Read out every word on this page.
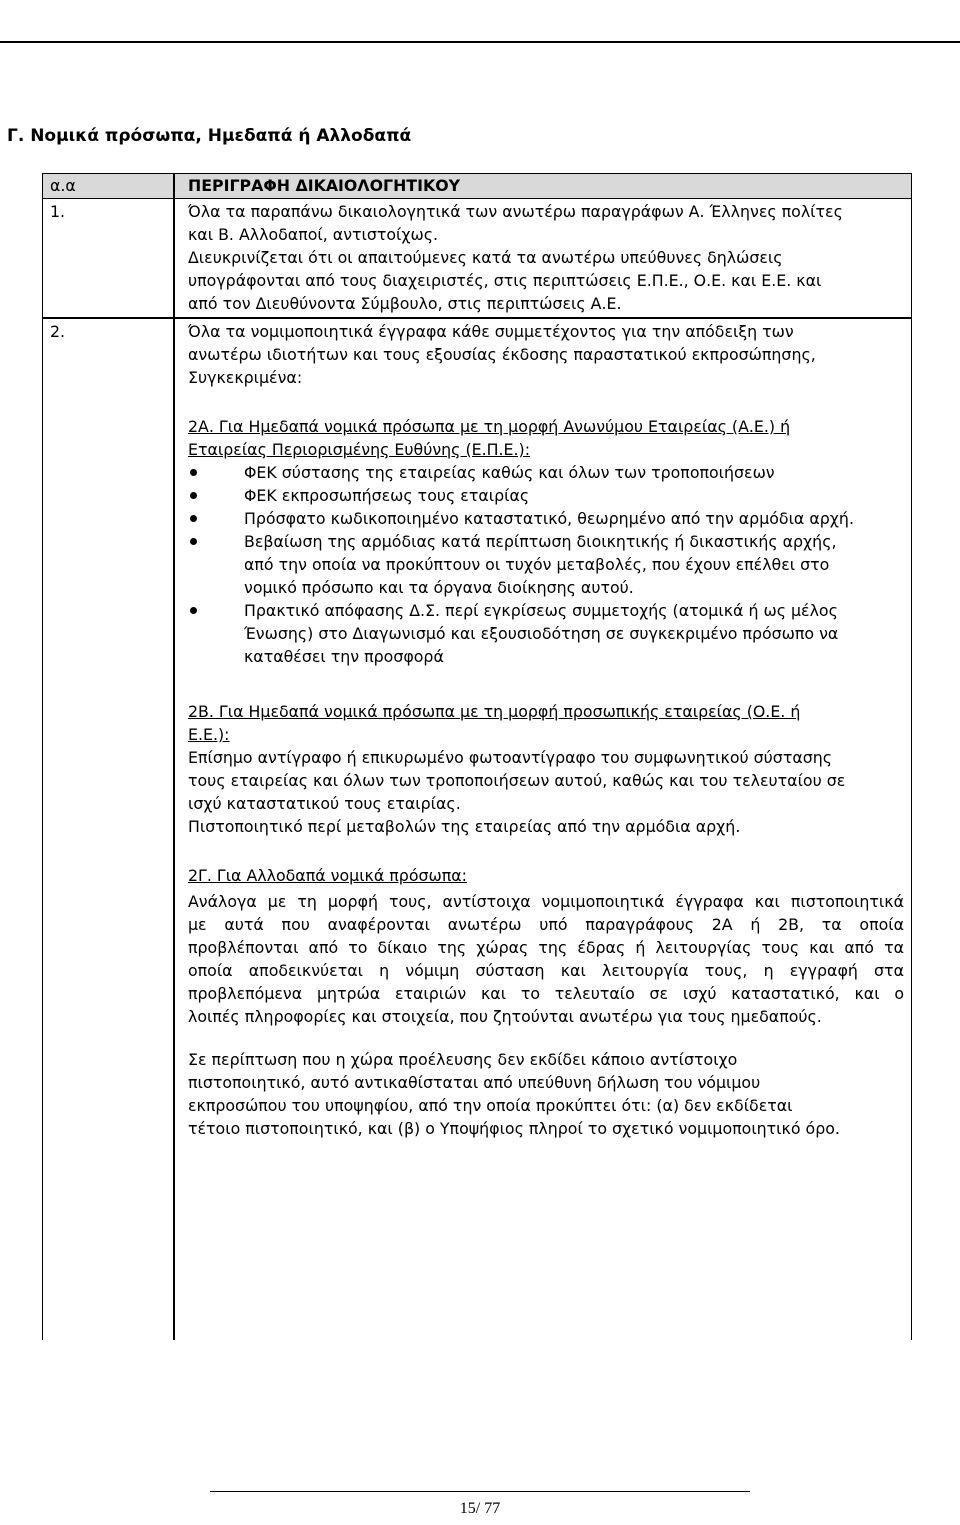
Γ. Νομικά πρόσωπα, Ημεδαπά ή Αλλοδαπά
α.α	ΠΕΡΙΓΡΑΦΗ ΔΙΚΑΙΟΛΟΓΗΤΙΚΟΥ
1.	Όλα τα παραπάνω δικαιολογητικά των ανωτέρω παραγράφων Α. Έλληνες πολίτες
και Β. Αλλοδαποί, αντιστοίχως.
Διευκρινίζεται ότι οι απαιτούμενες κατά τα ανωτέρω υπεύθυνες δηλώσεις
υπογράφονται από τους διαχειριστές, στις περιπτώσεις Ε.Π.Ε., Ο.Ε. και Ε.Ε. και
από τον Διευθύνοντα Σύμβουλο, στις περιπτώσεις Α.Ε.
2.	Όλα τα νομιμοποιητικά έγγραφα κάθε συμμετέχοντος για την απόδειξη των
ανωτέρω ιδιοτήτων και τους εξουσίας έκδοσης παραστατικού εκπροσώπησης,
Συγκεκριμένα:
2Α. Για Ημεδαπά νομικά πρόσωπα με τη μορφή Ανωνύμου Εταιρείας (Α.Ε.) ή
Εταιρείας Περιορισμένης Ευθύνης (Ε.Π.Ε.):
ΦΕΚ σύστασης της εταιρείας καθώς και όλων των τροποποιήσεων
ΦΕΚ εκπροσωπήσεως τους εταιρίας
Πρόσφατο κωδικοποιημένο καταστατικό, θεωρημένο από την αρμόδια αρχή.
Βεβαίωση της αρμόδιας κατά περίπτωση διοικητικής ή δικαστικής αρχής,
από την οποία να προκύπτουν οι τυχόν μεταβολές, που έχουν επέλθει στο
νομικό πρόσωπο και τα όργανα διοίκησης αυτού.
Πρακτικό απόφασης Δ.Σ. περί εγκρίσεως συμμετοχής (ατομικά ή ως μέλος
Ένωσης) στο Διαγωνισμό και εξουσιοδότηση σε συγκεκριμένο πρόσωπο να
καταθέσει την προσφορά
2Β. Για Ημεδαπά νομικά πρόσωπα με τη μορφή προσωπικής εταιρείας (Ο.Ε. ή
Ε.Ε.):
Επίσημο αντίγραφο ή επικυρωμένο φωτοαντίγραφο του συμφωνητικού σύστασης
τους εταιρείας και όλων των τροποποιήσεων αυτού, καθώς και του τελευταίου σε
ισχύ καταστατικού τους εταιρίας.
Πιστοποιητικό περί μεταβολών της εταιρείας από την αρμόδια αρχή.
2Γ. Για Αλλοδαπά νομικά πρόσωπα:
Ανάλογα με τη μορφή τους, αντίστοιχα νομιμοποιητικά έγγραφα και πιστοποιητικά
με αυτά που αναφέρονται ανωτέρω υπό παραγράφους 2Α ή 2Β, τα οποία
προβλέπονται από το δίκαιο της χώρας της έδρας ή λειτουργίας τους και από τα
οποία αποδεικνύεται η νόμιμη σύσταση και λειτουργία τους, η εγγραφή στα
προβλεπόμενα μητρώα εταιριών και το τελευταίο σε ισχύ καταστατικό, και ο
λοιπές πληροφορίες και στοιχεία, που ζητούνται ανωτέρω για τους ημεδαπούς.
Σε περίπτωση που η χώρα προέλευσης δεν εκδίδει κάποιο αντίστοιχο
πιστοποιητικό, αυτό αντικαθίσταται από υπεύθυνη δήλωση του νόμιμου
εκπροσώπου του υποψηφίου, από την οποία προκύπτει ότι: (α) δεν εκδίδεται
τέτοιο πιστοποιητικό, και (β) ο Υποψήφιος πληροί το σχετικό νομιμοποιητικό όρο.
15/ 77
